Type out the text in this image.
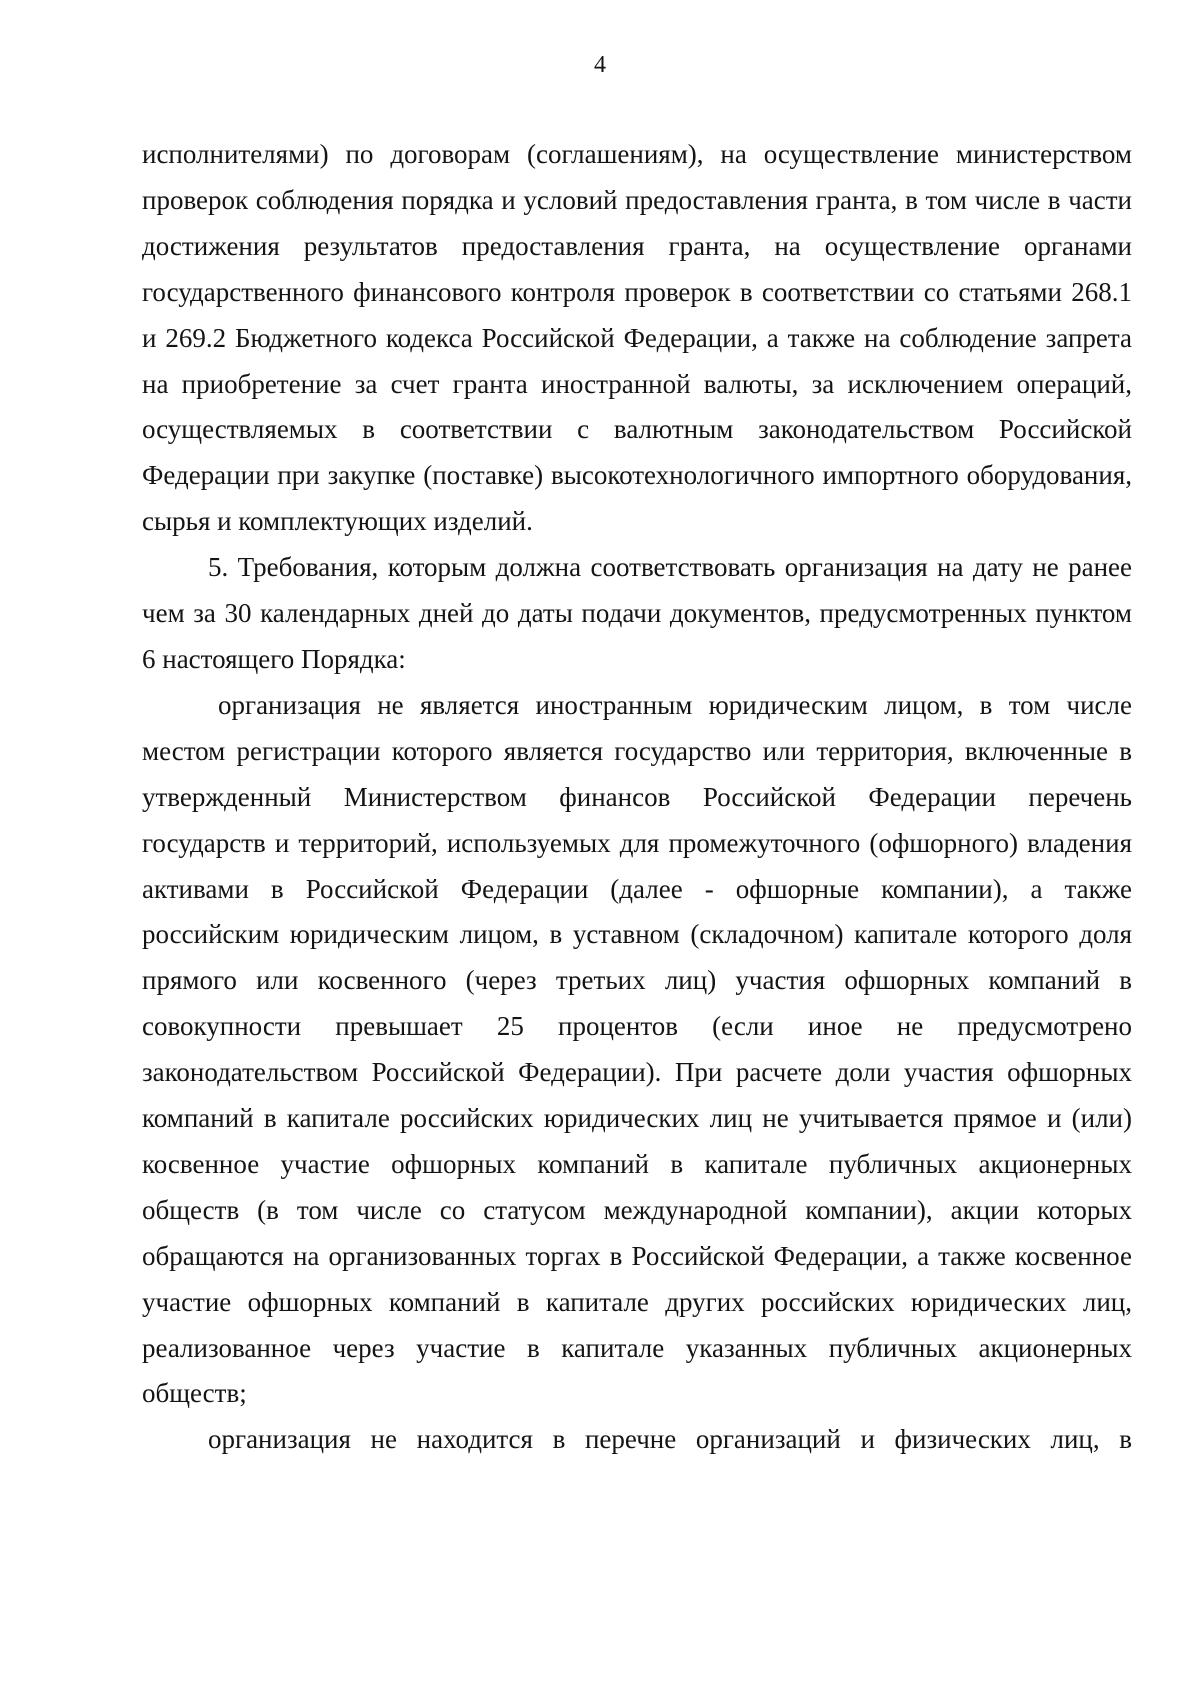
4

исполнителями) по договорам (соглашениям), на осуществление министерством проверок соблюдения порядка и условий предоставления гранта, в том числе в части достижения результатов предоставления гранта, на осуществление органами государственного финансового контроля проверок в соответствии со статьями 268.1 и 269.2 Бюджетного кодекса Российской Федерации, а также на соблюдение запрета на приобретение за счет гранта иностранной валюты, за исключением операций, осуществляемых в соответствии с валютным законодательством Российской Федерации при закупке (поставке) высокотехнологичного импортного оборудования, сырья и комплектующих изделий.

5. Требования, которым должна соответствовать организация на дату не ранее чем за 30 календарных дней до даты подачи документов, предусмотренных пунктом 6 настоящего Порядка:

организация не является иностранным юридическим лицом, в том числе местом регистрации которого является государство или территория, включенные в утвержденный Министерством финансов Российской Федерации перечень государств и территорий, используемых для промежуточного (офшорного) владения активами в Российской Федерации (далее - офшорные компании), а также российским юридическим лицом, в уставном (складочном) капитале которого доля прямого или косвенного (через третьих лиц) участия офшорных компаний в совокупности превышает 25 процентов (если иное не предусмотрено законодательством Российской Федерации). При расчете доли участия офшорных компаний в капитале российских юридических лиц не учитывается прямое и (или) косвенное участие офшорных компаний в капитале публичных акционерных обществ (в том числе со статусом международной компании), акции которых обращаются на организованных торгах в Российской Федерации, а также косвенное участие офшорных компаний в капитале других российских юридических лиц, реализованное через участие в капитале указанных публичных акционерных обществ;

организация не находится в перечне организаций и физических лиц, в
